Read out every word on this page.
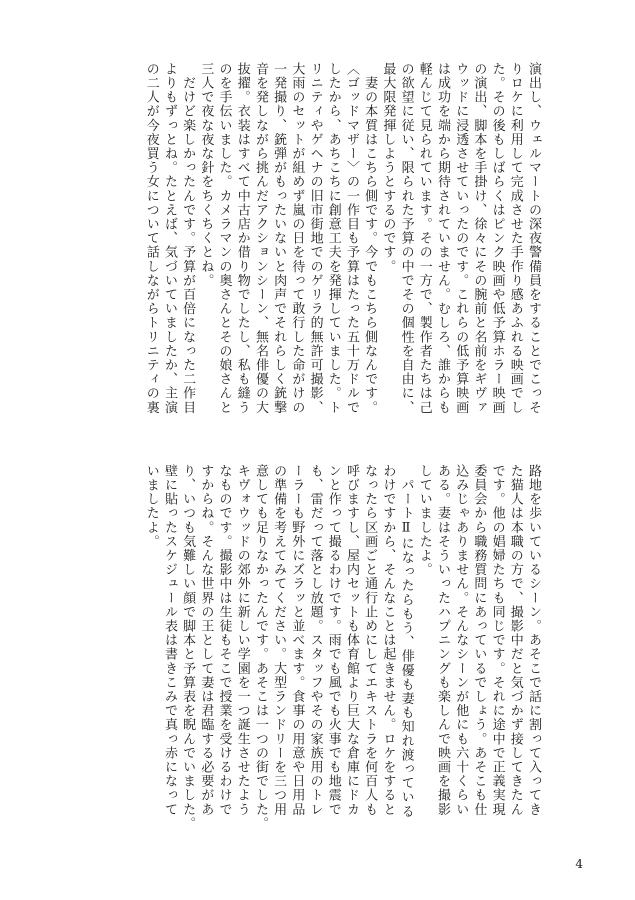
演出し、ウェルマートの深夜警備員をすることでこっそ
りロケに利用して完成させた手作り感あふれる映画でし
た。その後もしばらくはピンク映画や低予算ホラー映画
の演出、脚本を手掛け、徐々にその腕前と名前をギヴァ
ウッドに浸透させていったのです。これらの低予算映画
は成功を端から期待されていません。むしろ、誰からも
軽んじて見られています。その一方で、製作者たちは己
の欲望に従い、限られた予算の中でその個性を自由に、
最大限発揮しようとするのです。
　妻の本質はこちら側です。今でもこちら側なんです。
〈ゴッドマザー〉の一作目も予算はたった五十万ドルで
したから、あちこちに創意工夫を発揮していました。ト
リニティやゲヘナの旧市街地でのゲリラ的無許可撮影、
大雨のセットが組めず嵐の日を待って敢行した命がけの
一発撮り、銃弾がもったいないと肉声でそれらしく銃撃
音を発しながら挑んだアクションシーン、無名俳優の大
抜擢。衣装はすべて中古店か借り物でしたし、私も縫う
のを手伝いました。カメラマンの奥さんとその娘さんと
三人で夜な夜な針をちくちくとね。
　だけど楽しかったんです。予算が百倍になった二作目
よりもずっとね。たとえば、気づいていましたか、主演
の二人が今夜買う女について話しながらトリニティの裏
路地を歩いているシーン。あそこで話に割って入ってき
た猫人は本職の方で、撮影中だと気づかず接してきたん
です。他の娼婦たちも同じです。それに途中で正義実現
委員会から職務質問にあっているでしょう。あそこも仕
込みじゃありません。そんなシーンが他にも六十くらい
ある。妻はそういったハプニングも楽しんで映画を撮影
していましたよ。
　パートⅡになったらもう、俳優も妻も知れ渡っている
わけですから、そんなことは起きません。ロケをすると
なったら区画ごと通行止めにしてエキストラを何百人も
呼びますし、屋内セットも体育館より巨大な倉庫にドカ
ンと作って撮るわけです。雨でも風でも火事でも地震で
も、雷だって落とし放題。スタッフやその家族用のトレ
ーラーも野外にズラッと並べます。食事の用意や日用品
の準備を考えてみてください。大型ランドリーを三つ用
意しても足りなかったんです。あそこは一つの街でした。
キヴォウッドの郊外に新しい学園を一つ誕生させたよう
なものです。撮影中は生徒もそこで授業を受けるわけで
すからね。そんな世界の王として妻は君臨する必要があ
り、いつも気難しい顔で脚本と予算表を睨んでいました。
壁に貼ったスケジュール表は書きこみで真っ赤になって
いましたよ。
4
